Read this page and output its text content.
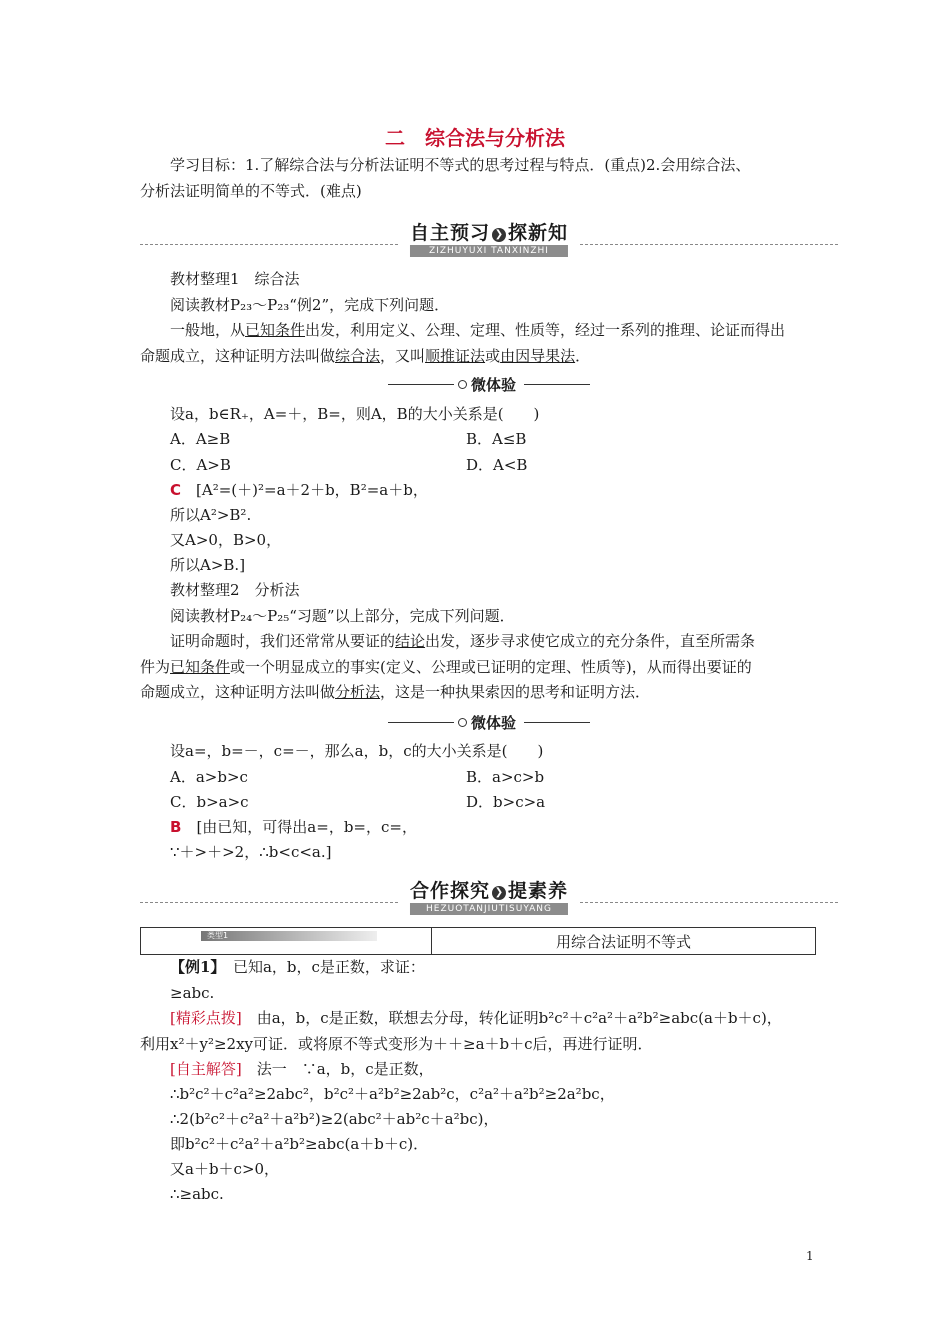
二　综合法与分析法
学习目标：1.了解综合法与分析法证明不等式的思考过程与特点．(重点)2.会用综合法、
分析法证明简单的不等式．(难点)
自主预习 ❯ 探新知
ZIZHUYUXI TANXINZHI
教材整理1　综合法
阅读教材P₂₃～P₂₃“例2”，完成下列问题．
一般地，从已知条件出发，利用定义、公理、定理、性质等，经过一系列的推理、论证而得出
命题成立，这种证明方法叫做综合法，又叫顺推证法或由因导果法．
微体验
设a，b∈R₊，A=＋，B=，则A，B的大小关系是(　　)
A．A≥B	B．A≤B
C．A>B	D．A<B
C　 [A²=(＋)²=a＋2＋b，B²=a＋b，
所以A²>B².
又A>0，B>0，
所以A>B.]
教材整理2　分析法
阅读教材P₂₄～P₂₅“习题”以上部分，完成下列问题．
证明命题时，我们还常常从要证的结论出发，逐步寻求使它成立的充分条件，直至所需条
件为已知条件或一个明显成立的事实(定义、公理或已证明的定理、性质等)，从而得出要证的
命题成立，这种证明方法叫做分析法，这是一种执果索因的思考和证明方法．
微体验
设a=，b=－，c=－，那么a，b，c的大小关系是(　　)
A．a>b>c	B．a>c>b
C．b>a>c	D．b>c>a
B　 [由已知，可得出a=，b=，c=，
∵＋>＋>2，∴b<c<a.]
合作探究 ❯ 提素养
HEZUOTANJIUTISUYANG
类型1	用综合法证明不等式
【例1】　已知a，b，c是正数，求证：
≥abc.
[精彩点拨]　由a，b，c是正数，联想去分母，转化证明b²c²＋c²a²＋a²b²≥abc(a＋b＋c)，
利用x²＋y²≥2xy可证．或将原不等式变形为＋＋≥a＋b＋c后，再进行证明．
[自主解答]　法一　∵a，b，c是正数，
∴b²c²＋c²a²≥2abc²，b²c²＋a²b²≥2ab²c，c²a²＋a²b²≥2a²bc，
∴2(b²c²＋c²a²＋a²b²)≥2(abc²＋ab²c＋a²bc)，
即b²c²＋c²a²＋a²b²≥abc(a＋b＋c)．
又a＋b＋c>0，
∴≥abc.
1
